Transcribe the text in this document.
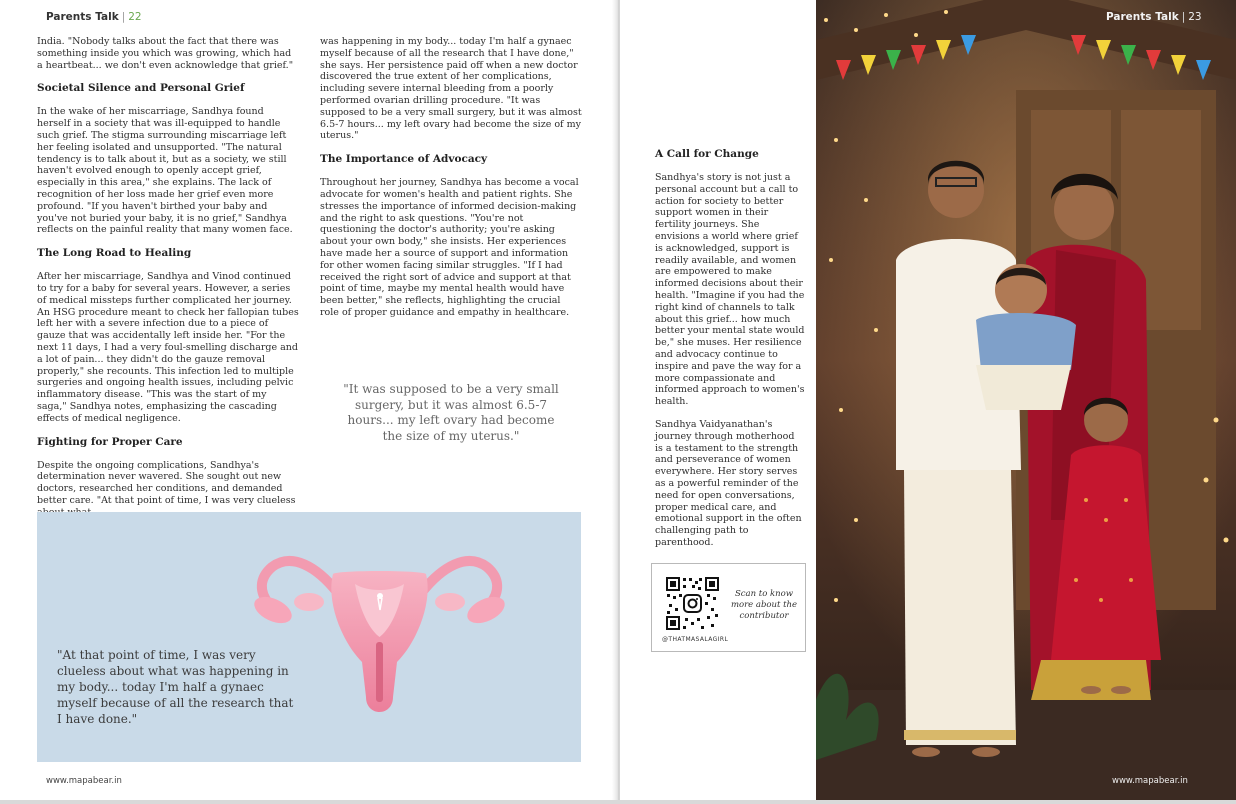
Parents Talk | 22

India. "Nobody talks about the fact that there was something inside you which was growing, which had a heartbeat... we don't even acknowledge that grief."

Societal Silence and Personal Grief

In the wake of her miscarriage, Sandhya found herself in a society that was ill-equipped to handle such grief. The stigma surrounding miscarriage left her feeling isolated and unsupported. "The natural tendency is to talk about it, but as a society, we still haven't evolved enough to openly accept grief, especially in this area," she explains. The lack of recognition of her loss made her grief even more profound. "If you haven't birthed your baby and you've not buried your baby, it is no grief," Sandhya reflects on the painful reality that many women face.

The Long Road to Healing

After her miscarriage, Sandhya and Vinod continued to try for a baby for several years. However, a series of medical missteps further complicated her journey. An HSG procedure meant to check her fallopian tubes left her with a severe infection due to a piece of gauze that was accidentally left inside her. "For the next 11 days, I had a very foul-smelling discharge and a lot of pain... they didn't do the gauze removal properly," she recounts. This infection led to multiple surgeries and ongoing health issues, including pelvic inflammatory disease. "This was the start of my saga," Sandhya notes, emphasizing the cascading effects of medical negligence.

Fighting for Proper Care

Despite the ongoing complications, Sandhya's determination never wavered. She sought out new doctors, researched her conditions, and demanded better care. "At that point of time, I was very clueless

was happening in my body... today I'm half a gynaec myself because of all the research that I have done," she says. Her persistence paid off when a new doctor discovered the true extent of her complications, including severe internal bleeding from a poorly performed ovarian drilling procedure. "It was supposed to be a very small surgery, but it was almost 6.5-7 hours... my left ovary had become the size of my uterus."

The Importance of Advocacy

Throughout her journey, Sandhya has become a vocal advocate for women's health and patient rights. She stresses the importance of informed decision-making and the right to ask questions. "You're not questioning the doctor's authority; you're asking about your own body," she insists. Her experiences have made her a source of support and information for other women facing similar struggles. "If I had received the right sort of advice and support at that point of time, maybe my mental health would have been better," she reflects, highlighting the crucial role of proper guidance and empathy in healthcare.

"It was supposed to be a very small surgery, but it was almost 6.5-7 hours... my left ovary had become the size of my uterus."
"At that point of time, I was very clueless about what was happening in my body... today I'm half a gynaec myself because of all the research that I have done."
www.mapabear.in
A Call for Change

Sandhya's story is not just a personal account but a call to action for society to better support women in their fertility journeys. She envisions a world where grief is acknowledged, support is readily available, and women are empowered to make informed decisions about their health. "Imagine if you had the right kind of channels to talk about this grief... how much better your mental state would be," she muses. Her resilience and advocacy continue to inspire and pave the way for a more compassionate and informed approach to women's health.

Sandhya Vaidyanathan's journey through motherhood is a testament to the strength and perseverance of women everywhere. Her story serves as a powerful reminder of the need for open conversations, proper medical care, and emotional support in the often challenging path to parenthood.

@THATMASALAGIRL
Scan to know more about the contributor
Parents Talk | 23
www.mapabear.in
